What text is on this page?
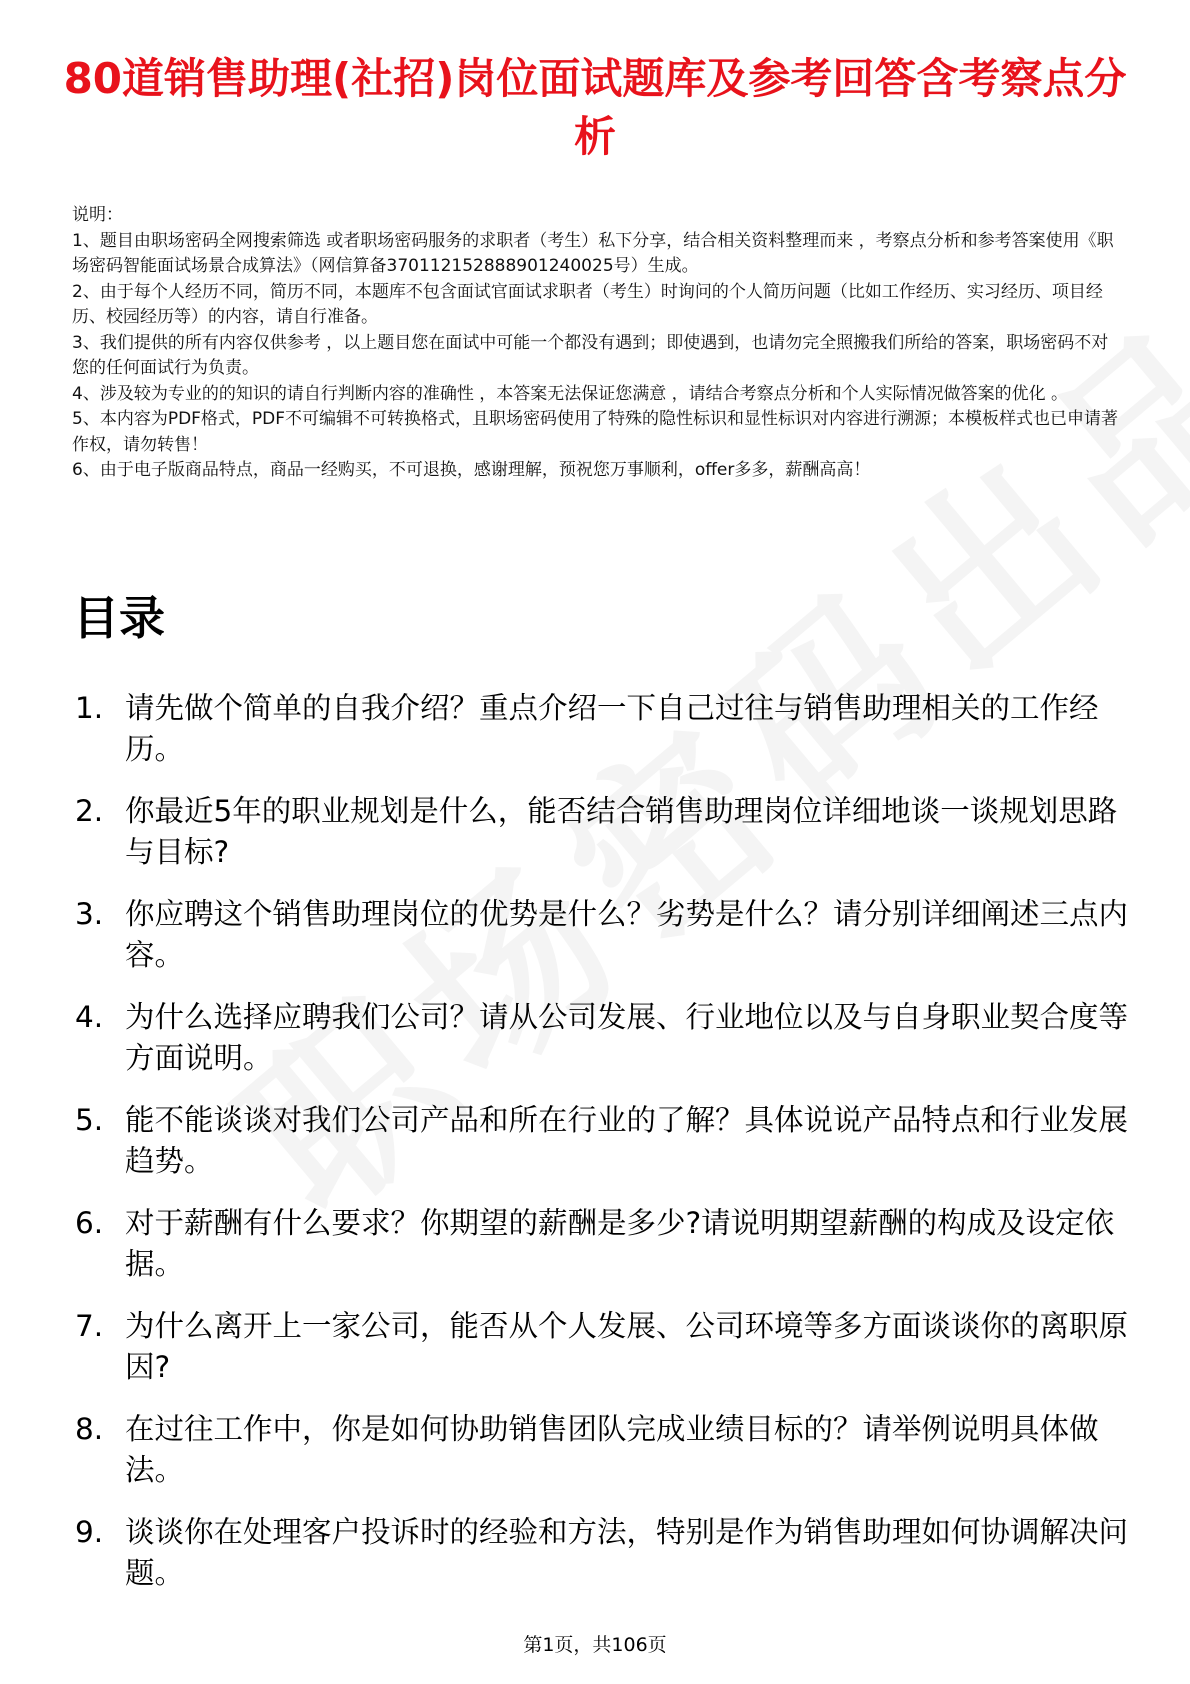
80道销售助理(社招)岗位面试题库及参考回答含考察点分析
说明：
1、题目由职场密码全网搜索筛选 或者职场密码服务的求职者（考生）私下分享，结合相关资料整理而来 ，考察点分析和参考答案使用《职场密码智能面试场景合成算法》（网信算备370112152888901240025号）生成。
2、由于每个人经历不同，简历不同，本题库不包含面试官面试求职者（考生）时询问的个人简历问题（比如工作经历、实习经历、项目经历、校园经历等）的内容，请自行准备。
3、我们提供的所有内容仅供参考 ，以上题目您在面试中可能一个都没有遇到；即使遇到，也请勿完全照搬我们所给的答案，职场密码不对您的任何面试行为负责。
4、涉及较为专业的的知识的请自行判断内容的准确性 ，本答案无法保证您满意 ，请结合考察点分析和个人实际情况做答案的优化 。
5、本内容为PDF格式，PDF不可编辑不可转换格式，且职场密码使用了特殊的隐性标识和显性标识对内容进行溯源；本模板样式也已申请著作权，请勿转售！
6、由于电子版商品特点，商品一经购买，不可退换，感谢理解，预祝您万事顺利，offer多多，薪酬高高！
目录
1. 请先做个简单的自我介绍？重点介绍一下自己过往与销售助理相关的工作经历。
2. 你最近5年的职业规划是什么，能否结合销售助理岗位详细地谈一谈规划思路与目标?
3. 你应聘这个销售助理岗位的优势是什么？劣势是什么？请分别详细阐述三点内容。
4. 为什么选择应聘我们公司？请从公司发展、行业地位以及与自身职业契合度等方面说明。
5. 能不能谈谈对我们公司产品和所在行业的了解？具体说说产品特点和行业发展趋势。
6. 对于薪酬有什么要求？你期望的薪酬是多少?请说明期望薪酬的构成及设定依据。
7. 为什么离开上一家公司，能否从个人发展、公司环境等多方面谈谈你的离职原因?
8. 在过往工作中，你是如何协助销售团队完成业绩目标的？请举例说明具体做法。
9. 谈谈你在处理客户投诉时的经验和方法，特别是作为销售助理如何协调解决问题。
第1页，共106页
